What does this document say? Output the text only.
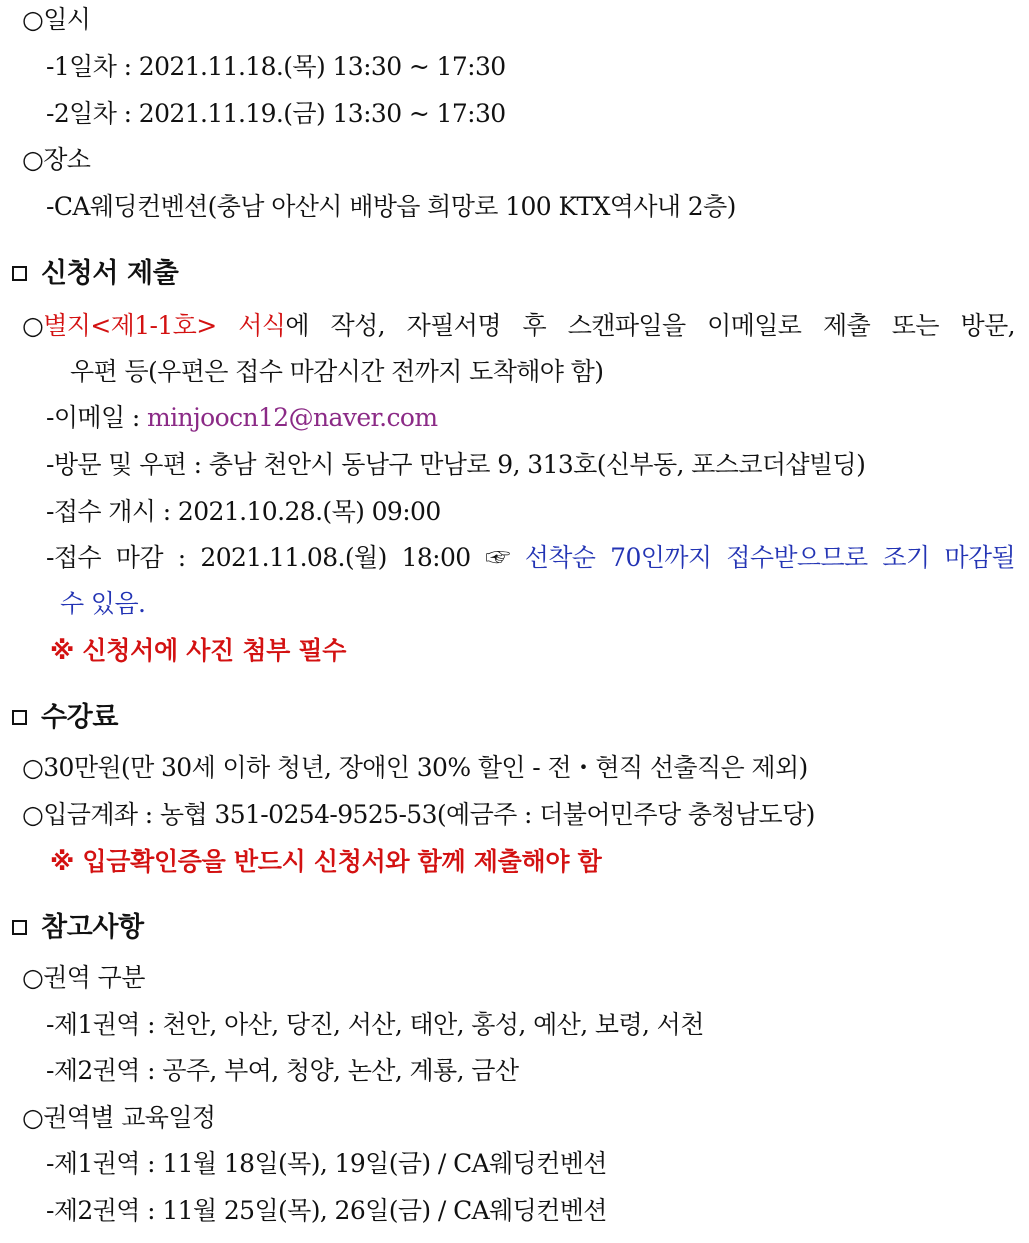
○일시
-1일차 : 2021.11.18.(목) 13:30 ~ 17:30
-2일차 : 2021.11.19.(금) 13:30 ~ 17:30
○장소
-CA웨딩컨벤션(충남 아산시 배방읍 희망로 100 KTX역사내 2층)
신청서 제출
○별지<제1-1호> 서식에 작성, 자필서명 후 스캔파일을 이메일로 제출 또는 방문,
우편 등(우편은 접수 마감시간 전까지 도착해야 함)
-이메일 : minjoocn12@naver.com
-방문 및 우편 : 충남 천안시 동남구 만남로 9, 313호(신부동, 포스코더샵빌딩)
-접수 개시 : 2021.10.28.(목) 09:00
-접수 마감 : 2021.11.08.(월) 18:00 ☞ 선착순 70인까지 접수받으므로 조기 마감될
수 있음.
※ 신청서에 사진 첨부 필수
수강료
○30만원(만 30세 이하 청년, 장애인 30% 할인 - 전・현직 선출직은 제외)
○입금계좌 : 농협 351-0254-9525-53(예금주 : 더불어민주당 충청남도당)
※ 입금확인증을 반드시 신청서와 함께 제출해야 함
참고사항
○권역 구분
-제1권역 : 천안, 아산, 당진, 서산, 태안, 홍성, 예산, 보령, 서천
-제2권역 : 공주, 부여, 청양, 논산, 계룡, 금산
○권역별 교육일정
-제1권역 : 11월 18일(목), 19일(금) / CA웨딩컨벤션
-제2권역 : 11월 25일(목), 26일(금) / CA웨딩컨벤션
